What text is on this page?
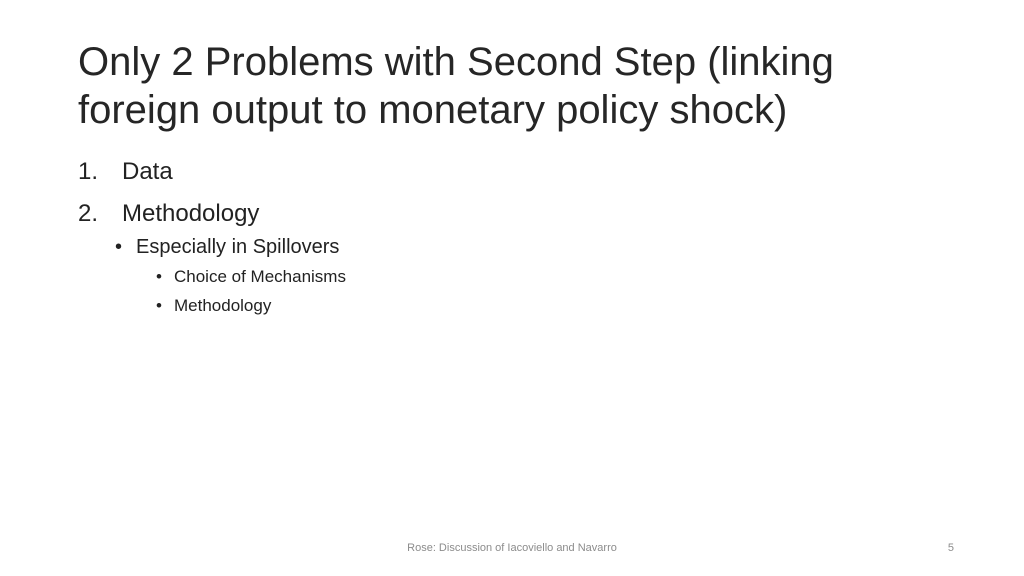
Only 2 Problems with Second Step (linking foreign output to monetary policy shock)
1. Data
2. Methodology
• Especially in Spillovers
• Choice of Mechanisms
• Methodology
Rose: Discussion of Iacoviello and Navarro	5
